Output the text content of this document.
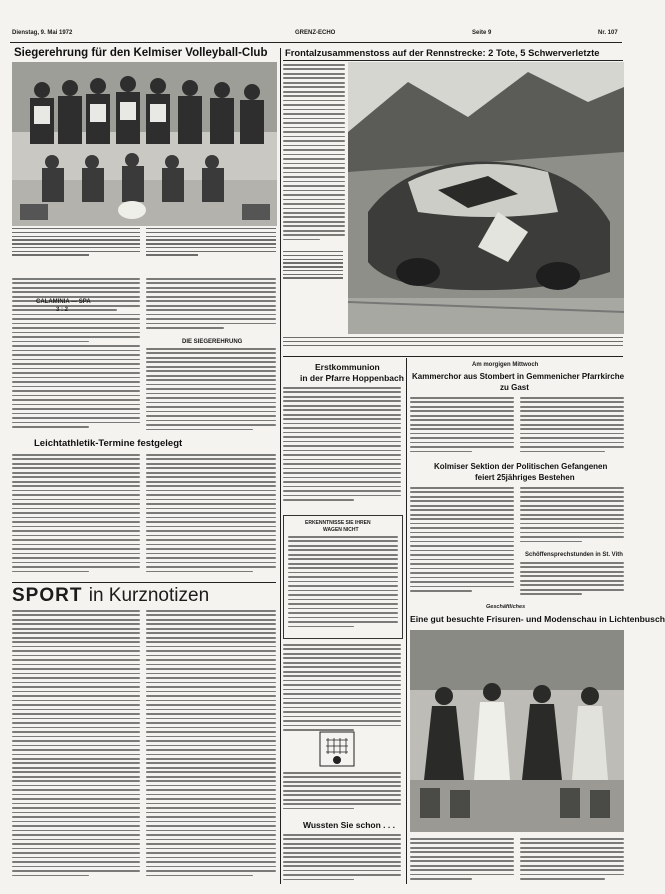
Dienstag, 9. Mai 1972	GRENZ-ECHO	Seite 9	Nr. 107
Siegerehrung für den Kelmiser Volleyball-Club
CALAMINIA — SPA
3 : 2
DIE SIEGEREHRUNG
Leichtathletik-Termine festgelegt
SPORT in Kurznotizen
Frontalzusammenstoss auf der Rennstrecke: 2 Tote, 5 Schwerverletzte
Erstkommunion
in der Pfarre Hoppenbach
ERKENNTNISSE SIE IHREN
WAGEN NICHT
Wussten Sie schon . . .
Am morgigen Mittwoch
Kammerchor aus Stombert in Gemmenicher Pfarrkirche
zu Gast
Kolmiser Sektion der Politischen Gefangenen
feiert 25jähriges Bestehen
Schöffensprechstunden in St. Vith
Geschäftliches
Eine gut besuchte Frisuren- und Modenschau in Lichtenbusch
